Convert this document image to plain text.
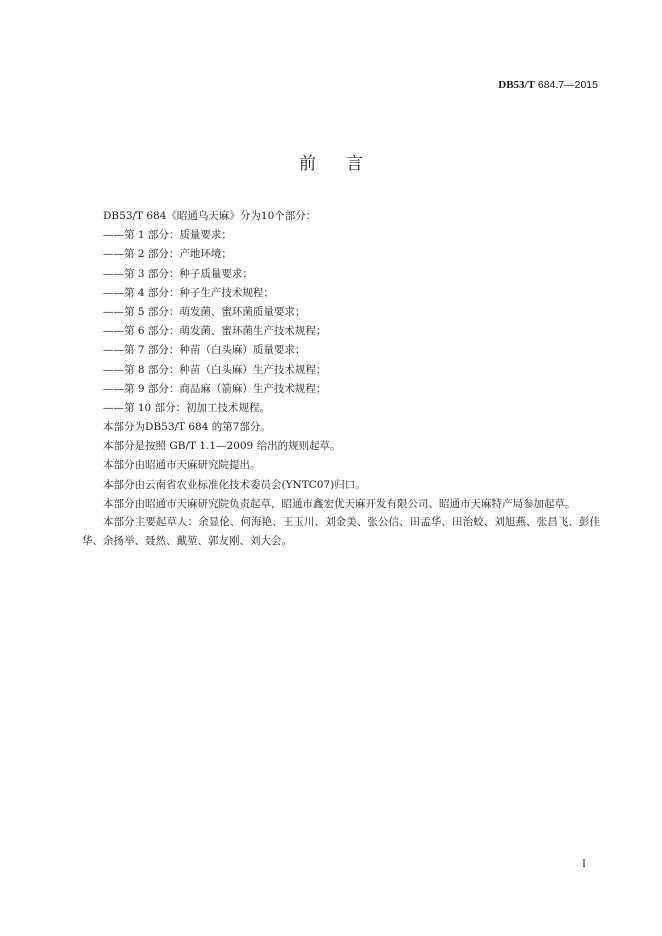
DB53/T 684.7—2015
前言
DB53/T 684《昭通乌天麻》分为10个部分：
——第 1 部分：质量要求；
——第 2 部分：产地环境；
——第 3 部分：种子质量要求；
——第 4 部分：种子生产技术规程；
——第 5 部分：萌发菌、蜜环菌质量要求；
——第 6 部分：萌发菌、蜜环菌生产技术规程；
——第 7 部分：种苗（白头麻）质量要求；
——第 8 部分：种苗（白头麻）生产技术规程；
——第 9 部分：商品麻（箭麻）生产技术规程；
——第 10 部分：初加工技术规程。
本部分为DB53/T 684 的第7部分。
本部分是按照 GB/T 1.1—2009 给出的规则起草。
本部分由昭通市天麻研究院提出。
本部分由云南省农业标准化技术委员会(YNTC07)归口。
本部分由昭通市天麻研究院负责起草，昭通市鑫宏优天麻开发有限公司、昭通市天麻特产局参加起草。
本部分主要起草人：余显伦、何海艳、王玉川、刘金美、张公信、田孟华、田治蛟、刘旭燕、张昌飞、彭佳华、余扬举、聂然、戴堃、郭友刚、刘大会。
I
